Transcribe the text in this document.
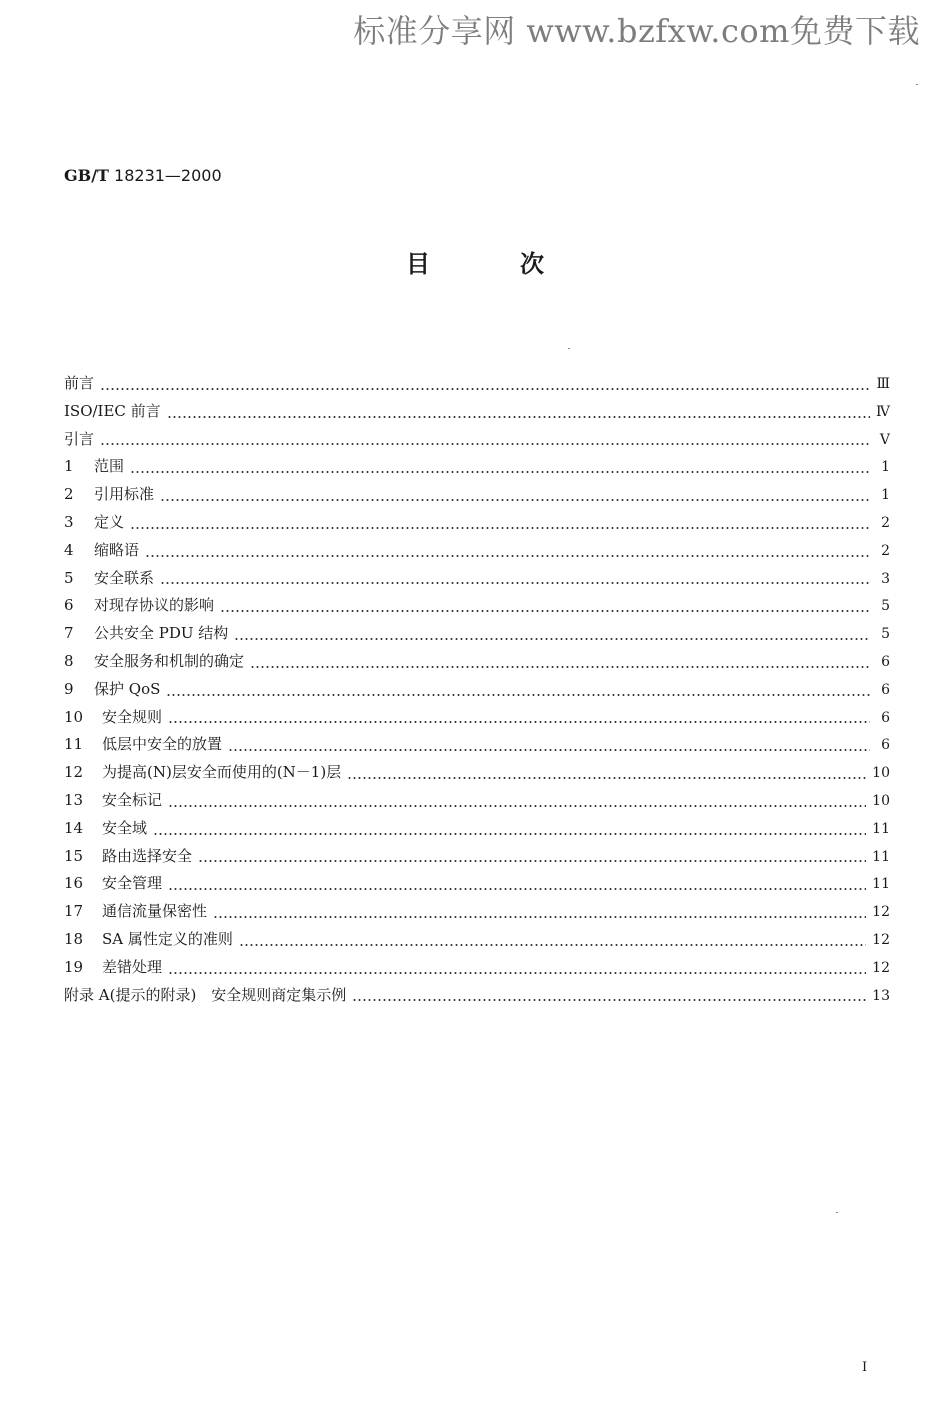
标准分享网 www.bzfxw.com免费下载
GB/T 18231—2000
目	次
前言	Ⅲ
ISO/IEC 前言	Ⅳ
引言	Ⅴ
1	范围	1
2	引用标准	1
3	定义	2
4	缩略语	2
5	安全联系	3
6	对现存协议的影响	5
7	公共安全 PDU 结构	5
8	安全服务和机制的确定	6
9	保护 QoS	6
10	安全规则	6
11	低层中安全的放置	6
12	为提高(N)层安全而使用的(N－1)层	10
13	安全标记	10
14	安全域	11
15	路由选择安全	11
16	安全管理	11
17	通信流量保密性	12
18	SA 属性定义的准则	12
19	差错处理	12
附录 A(提示的附录)　安全规则商定集示例	13
I
